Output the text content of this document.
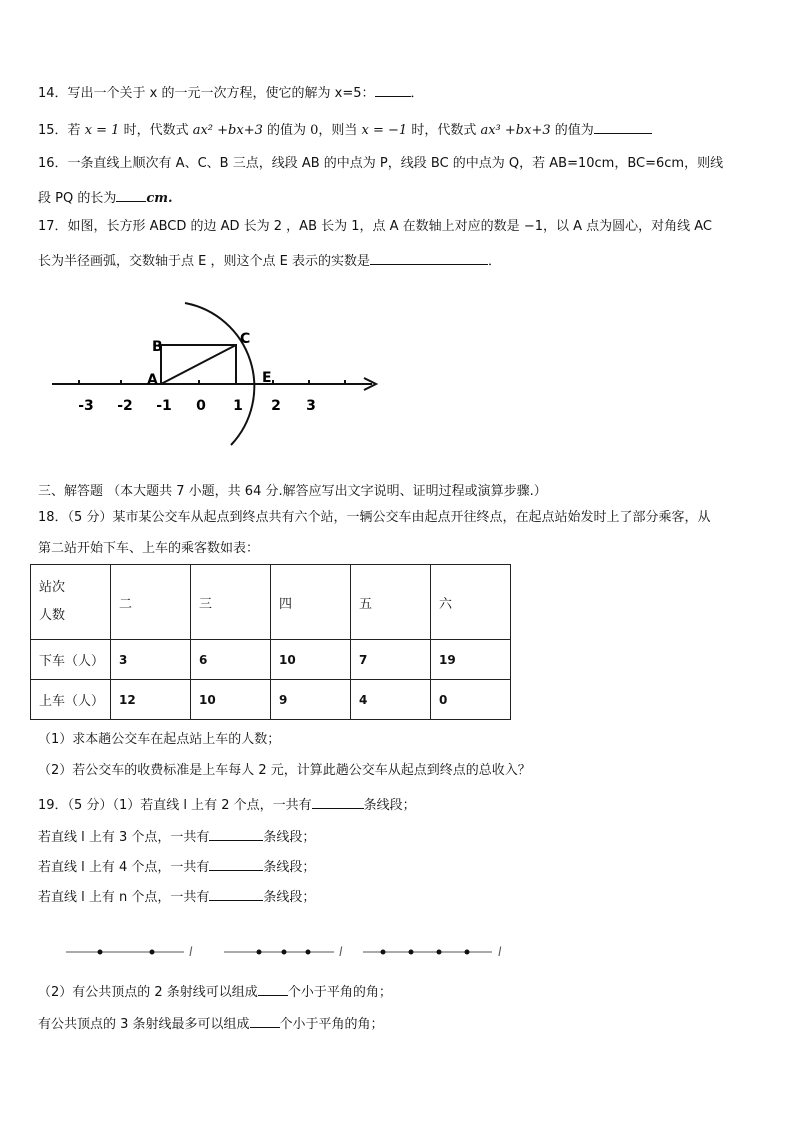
14．写出一个关于 x 的一元一次方程，使它的解为 x=5：	．
15．若 x = 1 时，代数式 ax² +bx+3 的值为 0，则当 x = −1 时，代数式 ax³ +bx+3 的值为
16．一条直线上顺次有 A、C、B 三点，线段 AB 的中点为 P，线段 BC 的中点为 Q，若 AB=10cm，BC=6cm，则线
段 PQ 的长为 cm.
17．如图，长方形 ABCD 的边 AD 长为 2 ，AB 长为 1，点 A 在数轴上对应的数是 −1，以 A 点为圆心，对角线 AC
长为半径画弧，交数轴于点 E ，则这个点 E 表示的实数是	．
B	C
A	E
-3 -2 -1 0 1 2 3
三、解答题 （本大题共 7 小题，共 64 分.解答应写出文字说明、证明过程或演算步骤.）
18．（5 分）某市某公交车从起点到终点共有六个站，一辆公交车由起点开往终点，在起点站始发时上了部分乘客，从
第二站开始下车、上车的乘客数如表：
站次
人数	二	三	四	五	六
下车（人）	3	6	10	7	19
上车（人）	12	10	9	4	0
（1）求本趟公交车在起点站上车的人数；
（2）若公交车的收费标准是上车每人 2 元，计算此趟公交车从起点到终点的总收入？
19．（5 分）（1）若直线 l 上有 2 个点，一共有	条线段；
若直线 l 上有 3 个点，一共有	条线段；
若直线 l 上有 4 个点，一共有	条线段；
若直线 l 上有 n 个点，一共有	条线段；
l	l	l
（2）有公共顶点的 2 条射线可以组成 个小于平角的角；
有公共顶点的 3 条射线最多可以组成 个小于平角的角；
